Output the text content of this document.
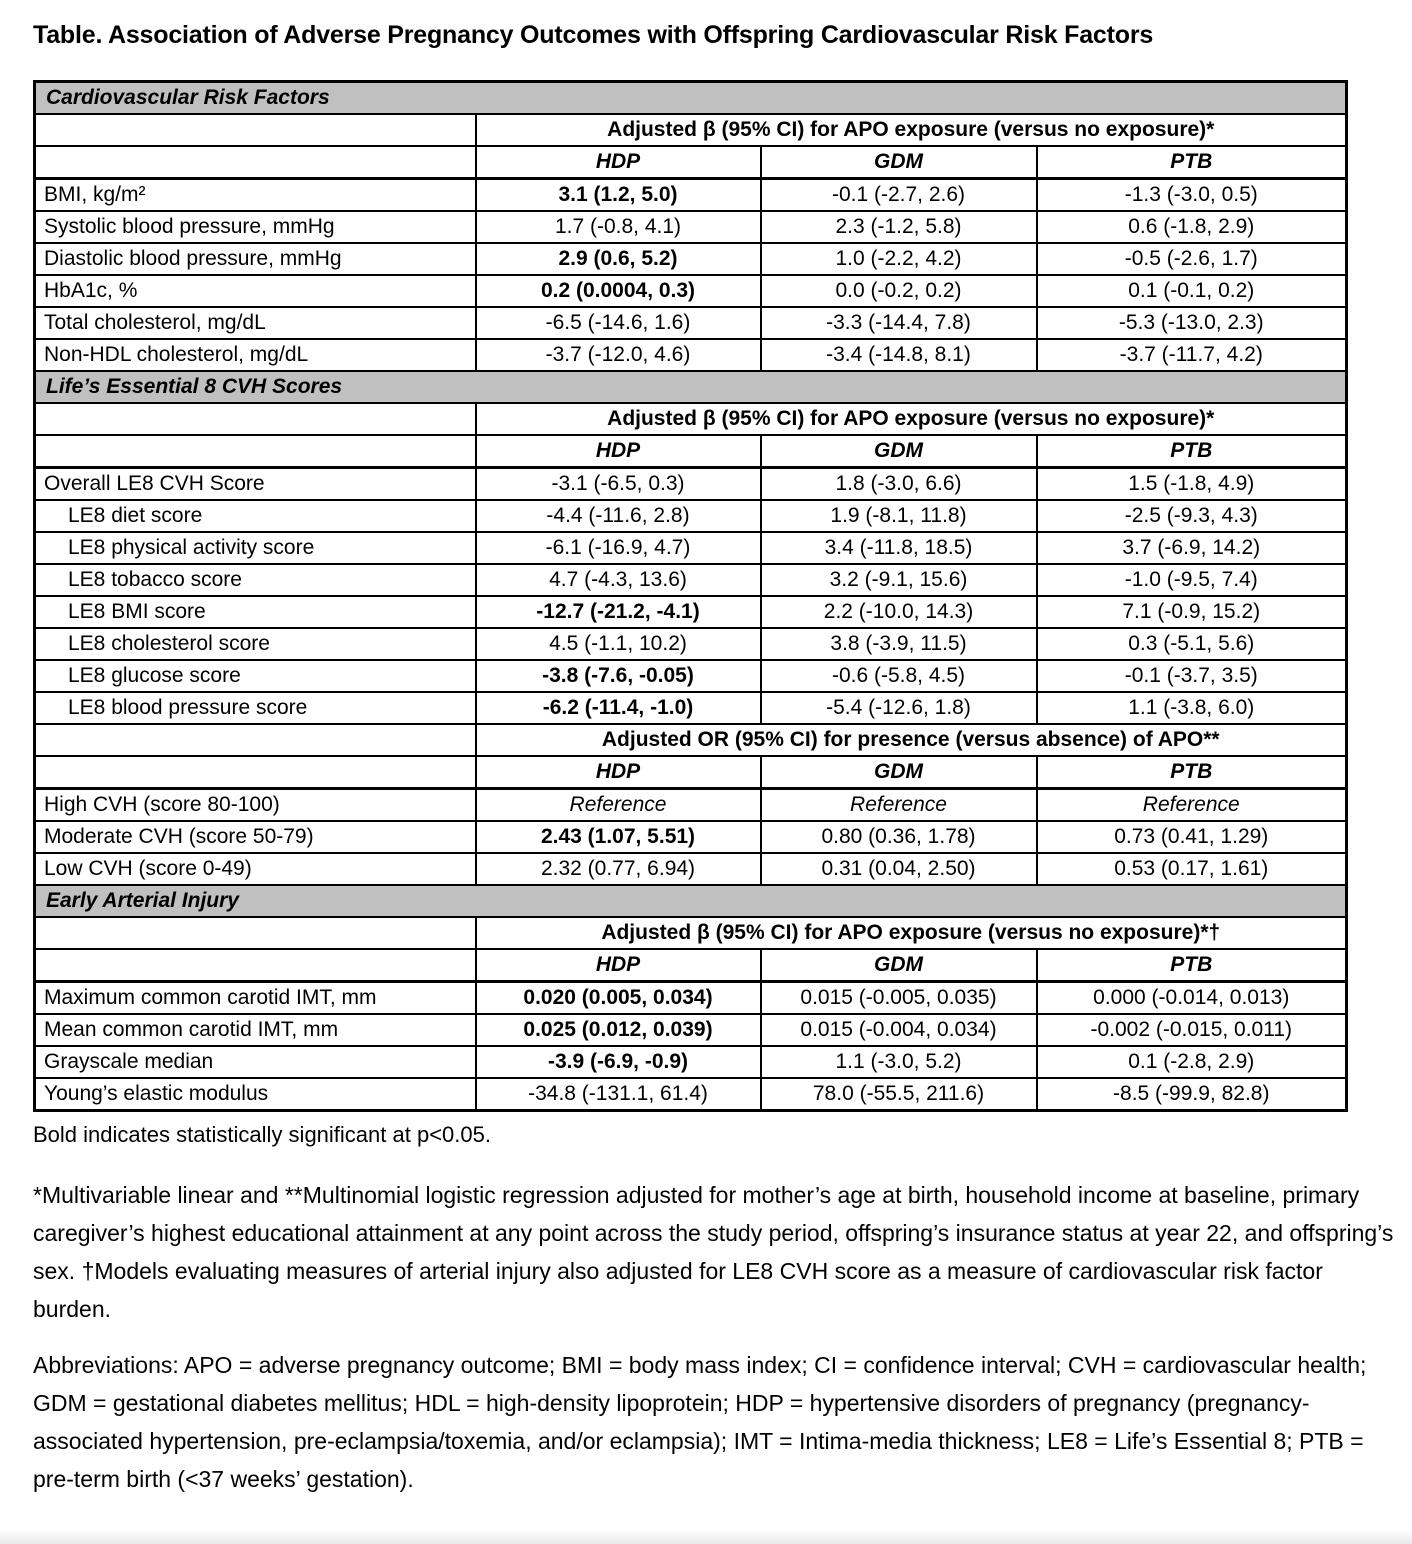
Table. Association of Adverse Pregnancy Outcomes with Offspring Cardiovascular Risk Factors
Cardiovascular Risk Factors			
	Adjusted β (95% CI) for APO exposure (versus no exposure)*		
	HDP	GDM	PTB
BMI, kg/m²	3.1 (1.2, 5.0)	-0.1 (-2.7, 2.6)	-1.3 (-3.0, 0.5)
Systolic blood pressure, mmHg	1.7 (-0.8, 4.1)	2.3 (-1.2, 5.8)	0.6 (-1.8, 2.9)
Diastolic blood pressure, mmHg	2.9 (0.6, 5.2)	1.0 (-2.2, 4.2)	-0.5 (-2.6, 1.7)
HbA1c, %	0.2 (0.0004, 0.3)	0.0 (-0.2, 0.2)	0.1 (-0.1, 0.2)
Total cholesterol, mg/dL	-6.5 (-14.6, 1.6)	-3.3 (-14.4, 7.8)	-5.3 (-13.0, 2.3)
Non-HDL cholesterol, mg/dL	-3.7 (-12.0, 4.6)	-3.4 (-14.8, 8.1)	-3.7 (-11.7, 4.2)
Life’s Essential 8 CVH Scores			
	Adjusted β (95% CI) for APO exposure (versus no exposure)*		
	HDP	GDM	PTB
Overall LE8 CVH Score	-3.1 (-6.5, 0.3)	1.8 (-3.0, 6.6)	1.5 (-1.8, 4.9)
LE8 diet score	-4.4 (-11.6, 2.8)	1.9 (-8.1, 11.8)	-2.5 (-9.3, 4.3)
LE8 physical activity score	-6.1 (-16.9, 4.7)	3.4 (-11.8, 18.5)	3.7 (-6.9, 14.2)
LE8 tobacco score	4.7 (-4.3, 13.6)	3.2 (-9.1, 15.6)	-1.0 (-9.5, 7.4)
LE8 BMI score	-12.7 (-21.2, -4.1)	2.2 (-10.0, 14.3)	7.1 (-0.9, 15.2)
LE8 cholesterol score	4.5 (-1.1, 10.2)	3.8 (-3.9, 11.5)	0.3 (-5.1, 5.6)
LE8 glucose score	-3.8 (-7.6, -0.05)	-0.6 (-5.8, 4.5)	-0.1 (-3.7, 3.5)
LE8 blood pressure score	-6.2 (-11.4, -1.0)	-5.4 (-12.6, 1.8)	1.1 (-3.8, 6.0)
	Adjusted OR (95% CI) for presence (versus absence) of APO**		
	HDP	GDM	PTB
High CVH (score 80-100)	Reference	Reference	Reference
Moderate CVH (score 50-79)	2.43 (1.07, 5.51)	0.80 (0.36, 1.78)	0.73 (0.41, 1.29)
Low CVH (score 0-49)	2.32 (0.77, 6.94)	0.31 (0.04, 2.50)	0.53 (0.17, 1.61)
Early Arterial Injury			
	Adjusted β (95% CI) for APO exposure (versus no exposure)*†		
	HDP	GDM	PTB
Maximum common carotid IMT, mm	0.020 (0.005, 0.034)	0.015 (-0.005, 0.035)	0.000 (-0.014, 0.013)
Mean common carotid IMT, mm	0.025 (0.012, 0.039)	0.015 (-0.004, 0.034)	-0.002 (-0.015, 0.011)
Grayscale median	-3.9 (-6.9, -0.9)	1.1 (-3.0, 5.2)	0.1 (-2.8, 2.9)
Young’s elastic modulus	-34.8 (-131.1, 61.4)	78.0 (-55.5, 211.6)	-8.5 (-99.9, 82.8)
Bold indicates statistically significant at p<0.05.
*Multivariable linear and **Multinomial logistic regression adjusted for mother’s age at birth, household income at baseline, primary caregiver’s highest educational attainment at any point across the study period, offspring’s insurance status at year 22, and offspring’s sex. †Models evaluating measures of arterial injury also adjusted for LE8 CVH score as a measure of cardiovascular risk factor burden.
Abbreviations: APO = adverse pregnancy outcome; BMI = body mass index; CI = confidence interval; CVH = cardiovascular health; GDM = gestational diabetes mellitus; HDL = high-density lipoprotein; HDP = hypertensive disorders of pregnancy (pregnancy-associated hypertension, pre-eclampsia/toxemia, and/or eclampsia); IMT = Intima-media thickness; LE8 = Life’s Essential 8; PTB = pre-term birth (<37 weeks’ gestation).
